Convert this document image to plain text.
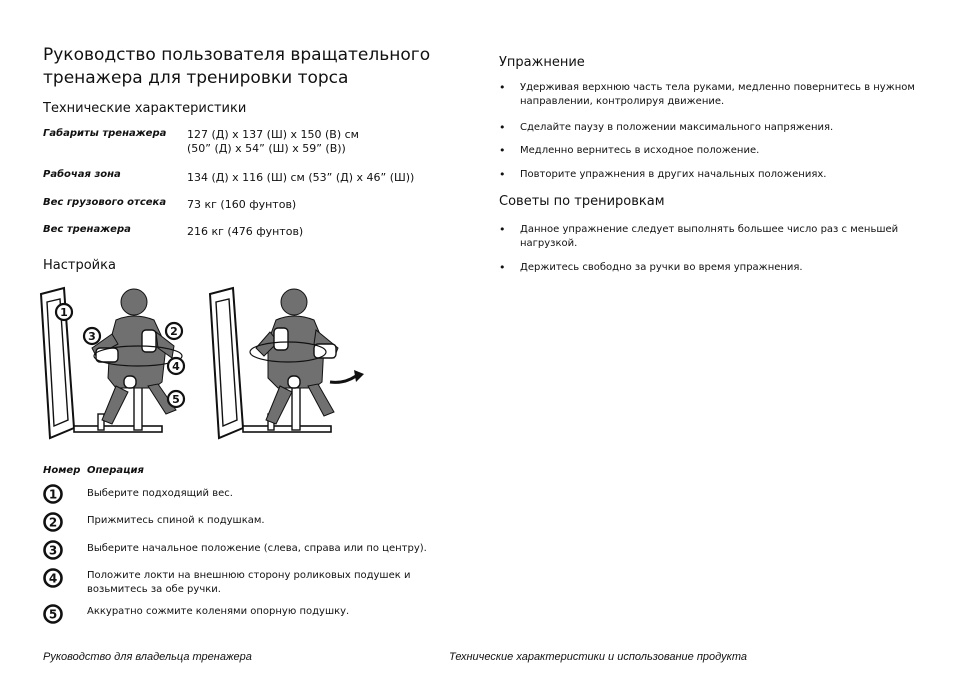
Руководство пользователя вращательного тренажера для тренировки торса
Технические характеристики
Габариты тренажера	127 (Д) x 137 (Ш) x 150 (В) см
(50” (Д) x 54” (Ш) x 59” (В))
Рабочая зона	134 (Д) x 116 (Ш) см (53” (Д) x 46” (Ш))
Вес грузового отсека	73 кг (160 фунтов)
Вес тренажера	216 кг (476 фунтов)
Настройка
1
3	2
4
5
Номер Операция
1	Выберите подходящий вес.
2	Прижмитесь спиной к подушкам.
3	Выберите начальное положение (слева, справа или по центру).
4	Положите локти на внешнюю сторону роликовых подушек и возьмитесь за обе ручки.
5	Аккуратно сожмите коленями опорную подушку.
Упражнение
• Удерживая верхнюю часть тела руками, медленно повернитесь в нужном направлении, контролируя движение.
• Сделайте паузу в положении максимального напряжения.
• Медленно вернитесь в исходное положение.
• Повторите упражнения в других начальных положениях.
Советы по тренировкам
• Данное упражнение следует выполнять большее число раз с меньшей нагрузкой.
• Держитесь свободно за ручки во время упражнения.
Руководство для владельца тренажера	Технические характеристики и использование продукта
